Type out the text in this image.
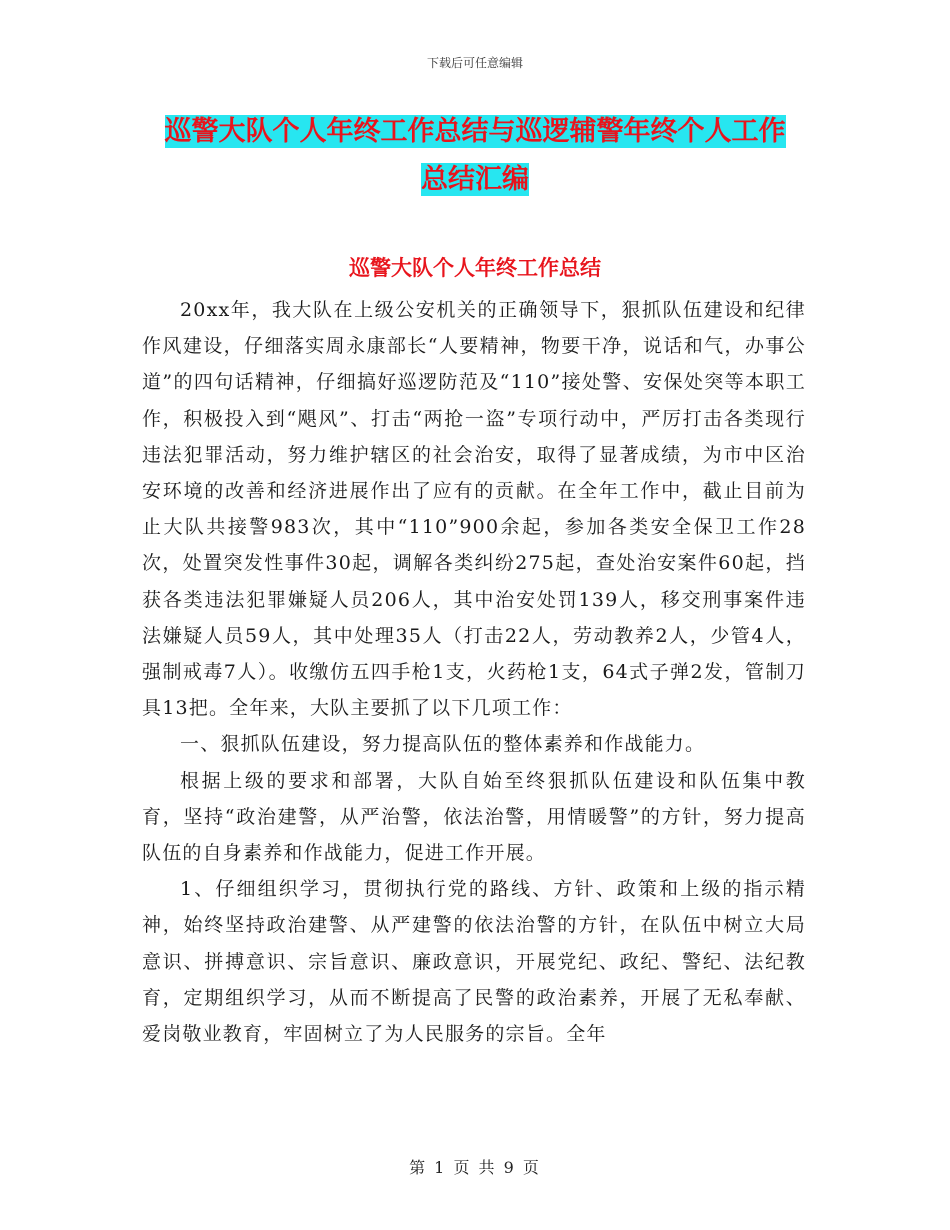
下载后可任意编辑
巡警大队个人年终工作总结与巡逻辅警年终个人工作
总结汇编
巡警大队个人年终工作总结

20xx年，我大队在上级公安机关的正确领导下，狠抓队伍建设和纪律作风建设，仔细落实周永康部长“人要精神，物要干净，说话和气，办事公道”的四句话精神，仔细搞好巡逻防范及“110”接处警、安保处突等本职工作，积极投入到“飓风”、打击“两抢一盗”专项行动中，严厉打击各类现行违法犯罪活动，努力维护辖区的社会治安，取得了显著成绩，为市中区治安环境的改善和经济进展作出了应有的贡献。在全年工作中，截止目前为止大队共接警983次，其中“110”900余起，参加各类安全保卫工作28次，处置突发性事件30起，调解各类纠纷275起，查处治安案件60起，挡获各类违法犯罪嫌疑人员206人，其中治安处罚139人，移交刑事案件违法嫌疑人员59人，其中处理35人（打击22人，劳动教养2人，少管4人，强制戒毒7人）。收缴仿五四手枪1支，火药枪1支，64式子弹2发，管制刀具13把。全年来，大队主要抓了以下几项工作：

一、狠抓队伍建设，努力提高队伍的整体素养和作战能力。

根据上级的要求和部署，大队自始至终狠抓队伍建设和队伍集中教育，坚持“政治建警，从严治警，依法治警，用情暖警”的方针，努力提高队伍的自身素养和作战能力，促进工作开展。

1、仔细组织学习，贯彻执行党的路线、方针、政策和上级的指示精神，始终坚持政治建警、从严建警的依法治警的方针，在队伍中树立大局意识、拼搏意识、宗旨意识、廉政意识，开展党纪、政纪、警纪、法纪教育，定期组织学习，从而不断提高了民警的政治素养，开展了无私奉献、爱岗敬业教育，牢固树立了为人民服务的宗旨。全年

第 1 页 共 9 页
